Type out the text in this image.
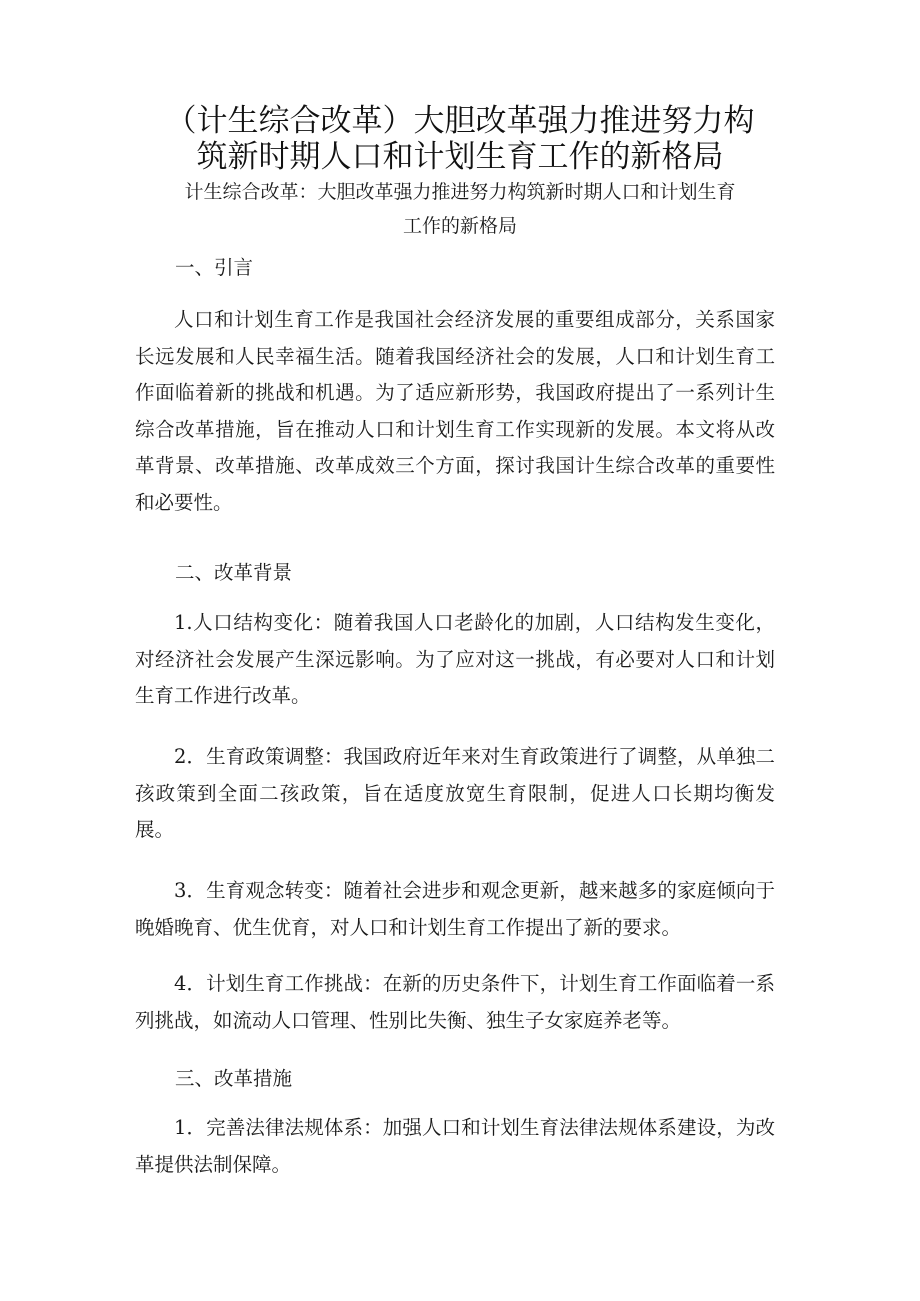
（计生综合改革）大胆改革强力推进努力构
筑新时期人口和计划生育工作的新格局

计生综合改革：大胆改革强力推进努力构筑新时期人口和计划生育

工作的新格局

一、引言

人口和计划生育工作是我国社会经济发展的重要组成部分，关系国家长远发展和人民幸福生活。随着我国经济社会的发展，人口和计划生育工作面临着新的挑战和机遇。为了适应新形势，我国政府提出了一系列计生综合改革措施，旨在推动人口和计划生育工作实现新的发展。本文将从改革背景、改革措施、改革成效三个方面，探讨我国计生综合改革的重要性和必要性。

二、改革背景

1.人口结构变化：随着我国人口老龄化的加剧，人口结构发生变化，对经济社会发展产生深远影响。为了应对这一挑战，有必要对人口和计划生育工作进行改革。

2．生育政策调整：我国政府近年来对生育政策进行了调整，从单独二孩政策到全面二孩政策，旨在适度放宽生育限制，促进人口长期均衡发展。

3．生育观念转变：随着社会进步和观念更新，越来越多的家庭倾向于晚婚晚育、优生优育，对人口和计划生育工作提出了新的要求。

4．计划生育工作挑战：在新的历史条件下，计划生育工作面临着一系列挑战，如流动人口管理、性别比失衡、独生子女家庭养老等。

三、改革措施

1．完善法律法规体系：加强人口和计划生育法律法规体系建设，为改革提供法制保障。
